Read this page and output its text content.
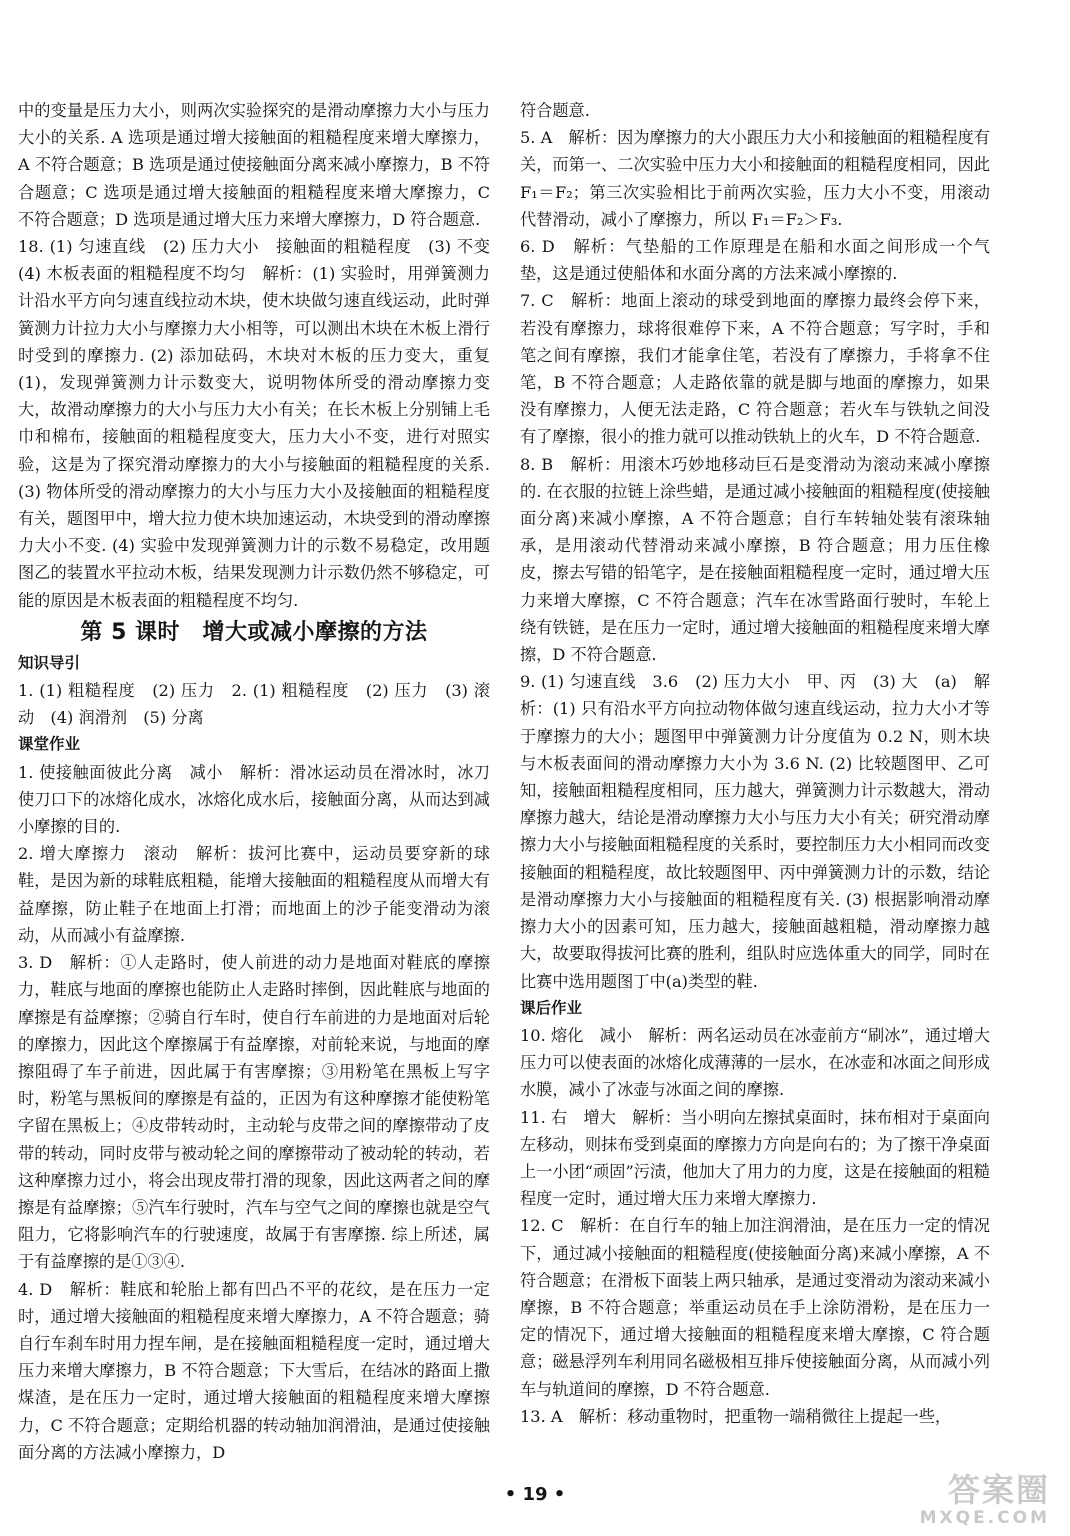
中的变量是压力大小，则两次实验探究的是滑动摩擦力大小与压力大小的关系. A 选项是通过增大接触面的粗糙程度来增大摩擦力，A 不符合题意；B 选项是通过使接触面分离来减小摩擦力，B 不符合题意；C 选项是通过增大接触面的粗糙程度来增大摩擦力，C 不符合题意；D 选项是通过增大压力来增大摩擦力，D 符合题意.

18. (1) 匀速直线　(2) 压力大小　接触面的粗糙程度　(3) 不变　(4) 木板表面的粗糙程度不均匀　解析：(1) 实验时，用弹簧测力计沿水平方向匀速直线拉动木块，使木块做匀速直线运动，此时弹簧测力计拉力大小与摩擦力大小相等，可以测出木块在木板上滑行时受到的摩擦力. (2) 添加砝码，木块对木板的压力变大，重复(1)，发现弹簧测力计示数变大，说明物体所受的滑动摩擦力变大，故滑动摩擦力的大小与压力大小有关；在长木板上分别铺上毛巾和棉布，接触面的粗糙程度变大，压力大小不变，进行对照实验，这是为了探究滑动摩擦力的大小与接触面的粗糙程度的关系. (3) 物体所受的滑动摩擦力的大小与压力大小及接触面的粗糙程度有关，题图甲中，增大拉力使木块加速运动，木块受到的滑动摩擦力大小不变. (4) 实验中发现弹簧测力计的示数不易稳定，改用题图乙的装置水平拉动木板，结果发现测力计示数仍然不够稳定，可能的原因是木板表面的粗糙程度不均匀.

第 5 课时　增大或减小摩擦的方法

知识导引

1. (1) 粗糙程度　(2) 压力　2. (1) 粗糙程度　(2) 压力　(3) 滚动　(4) 润滑剂　(5) 分离

课堂作业

1. 使接触面彼此分离　减小　解析：滑冰运动员在滑冰时，冰刀使刀口下的冰熔化成水，冰熔化成水后，接触面分离，从而达到减小摩擦的目的.

2. 增大摩擦力　滚动　解析：拔河比赛中，运动员要穿新的球鞋，是因为新的球鞋底粗糙，能增大接触面的粗糙程度从而增大有益摩擦，防止鞋子在地面上打滑；而地面上的沙子能变滑动为滚动，从而减小有益摩擦.

3. D　解析：①人走路时，使人前进的动力是地面对鞋底的摩擦力，鞋底与地面的摩擦也能防止人走路时摔倒，因此鞋底与地面的摩擦是有益摩擦；②骑自行车时，使自行车前进的力是地面对后轮的摩擦力，因此这个摩擦属于有益摩擦，对前轮来说，与地面的摩擦阻碍了车子前进，因此属于有害摩擦；③用粉笔在黑板上写字时，粉笔与黑板间的摩擦是有益的，正因为有这种摩擦才能使粉笔字留在黑板上；④皮带转动时，主动轮与皮带之间的摩擦带动了皮带的转动，同时皮带与被动轮之间的摩擦带动了被动轮的转动，若这种摩擦力过小，将会出现皮带打滑的现象，因此这两者之间的摩擦是有益摩擦；⑤汽车行驶时，汽车与空气之间的摩擦也就是空气阻力，它将影响汽车的行驶速度，故属于有害摩擦. 综上所述，属于有益摩擦的是①③④.

4. D　解析：鞋底和轮胎上都有凹凸不平的花纹，是在压力一定时，通过增大接触面的粗糙程度来增大摩擦力，A 不符合题意；骑自行车刹车时用力捏车闸，是在接触面粗糙程度一定时，通过增大压力来增大摩擦力，B 不符合题意；下大雪后，在结冰的路面上撒煤渣，是在压力一定时，通过增大接触面的粗糙程度来增大摩擦力，C 不符合题意；定期给机器的转动轴加润滑油，是通过使接触面分离的方法减小摩擦力，D

符合题意.

5. A　解析：因为摩擦力的大小跟压力大小和接触面的粗糙程度有关，而第一、二次实验中压力大小和接触面的粗糙程度相同，因此 F₁＝F₂；第三次实验相比于前两次实验，压力大小不变，用滚动代替滑动，减小了摩擦力，所以 F₁＝F₂＞F₃.

6. D　解析：气垫船的工作原理是在船和水面之间形成一个气垫，这是通过使船体和水面分离的方法来减小摩擦的.

7. C　解析：地面上滚动的球受到地面的摩擦力最终会停下来，若没有摩擦力，球将很难停下来，A 不符合题意；写字时，手和笔之间有摩擦，我们才能拿住笔，若没有了摩擦力，手将拿不住笔，B 不符合题意；人走路依靠的就是脚与地面的摩擦力，如果没有摩擦力，人便无法走路，C 符合题意；若火车与铁轨之间没有了摩擦，很小的推力就可以推动铁轨上的火车，D 不符合题意.

8. B　解析：用滚木巧妙地移动巨石是变滑动为滚动来减小摩擦的. 在衣服的拉链上涂些蜡，是通过减小接触面的粗糙程度(使接触面分离)来减小摩擦，A 不符合题意；自行车转轴处装有滚珠轴承，是用滚动代替滑动来减小摩擦，B 符合题意；用力压住橡皮，擦去写错的铅笔字，是在接触面粗糙程度一定时，通过增大压力来增大摩擦，C 不符合题意；汽车在冰雪路面行驶时，车轮上绕有铁链，是在压力一定时，通过增大接触面的粗糙程度来增大摩擦，D 不符合题意.

9. (1) 匀速直线　3.6　(2) 压力大小　甲、丙　(3) 大　(a)　解析：(1) 只有沿水平方向拉动物体做匀速直线运动，拉力大小才等于摩擦力的大小；题图甲中弹簧测力计分度值为 0.2 N，则木块与木板表面间的滑动摩擦力大小为 3.6 N. (2) 比较题图甲、乙可知，接触面粗糙程度相同，压力越大，弹簧测力计示数越大，滑动摩擦力越大，结论是滑动摩擦力大小与压力大小有关；研究滑动摩擦力大小与接触面粗糙程度的关系时，要控制压力大小相同而改变接触面的粗糙程度，故比较题图甲、丙中弹簧测力计的示数，结论是滑动摩擦力大小与接触面的粗糙程度有关. (3) 根据影响滑动摩擦力大小的因素可知，压力越大，接触面越粗糙，滑动摩擦力越大，故要取得拔河比赛的胜利，组队时应选体重大的同学，同时在比赛中选用题图丁中(a)类型的鞋.

课后作业

10. 熔化　减小　解析：两名运动员在冰壶前方“刷冰”，通过增大压力可以使表面的冰熔化成薄薄的一层水，在冰壶和冰面之间形成水膜，减小了冰壶与冰面之间的摩擦.

11. 右　增大　解析：当小明向左擦拭桌面时，抹布相对于桌面向左移动，则抹布受到桌面的摩擦力方向是向右的；为了擦干净桌面上一小团“顽固”污渍，他加大了用力的力度，这是在接触面的粗糙程度一定时，通过增大压力来增大摩擦力.

12. C　解析：在自行车的轴上加注润滑油，是在压力一定的情况下，通过减小接触面的粗糙程度(使接触面分离)来减小摩擦，A 不符合题意；在滑板下面装上两只轴承，是通过变滑动为滚动来减小摩擦，B 不符合题意；举重运动员在手上涂防滑粉，是在压力一定的情况下，通过增大接触面的粗糙程度来增大摩擦，C 符合题意；磁悬浮列车利用同名磁极相互排斥使接触面分离，从而减小列车与轨道间的摩擦，D 不符合题意.

13. A　解析：移动重物时，把重物一端稍微往上提起一些，

• 19 •	答案圈
MXQE.COM
